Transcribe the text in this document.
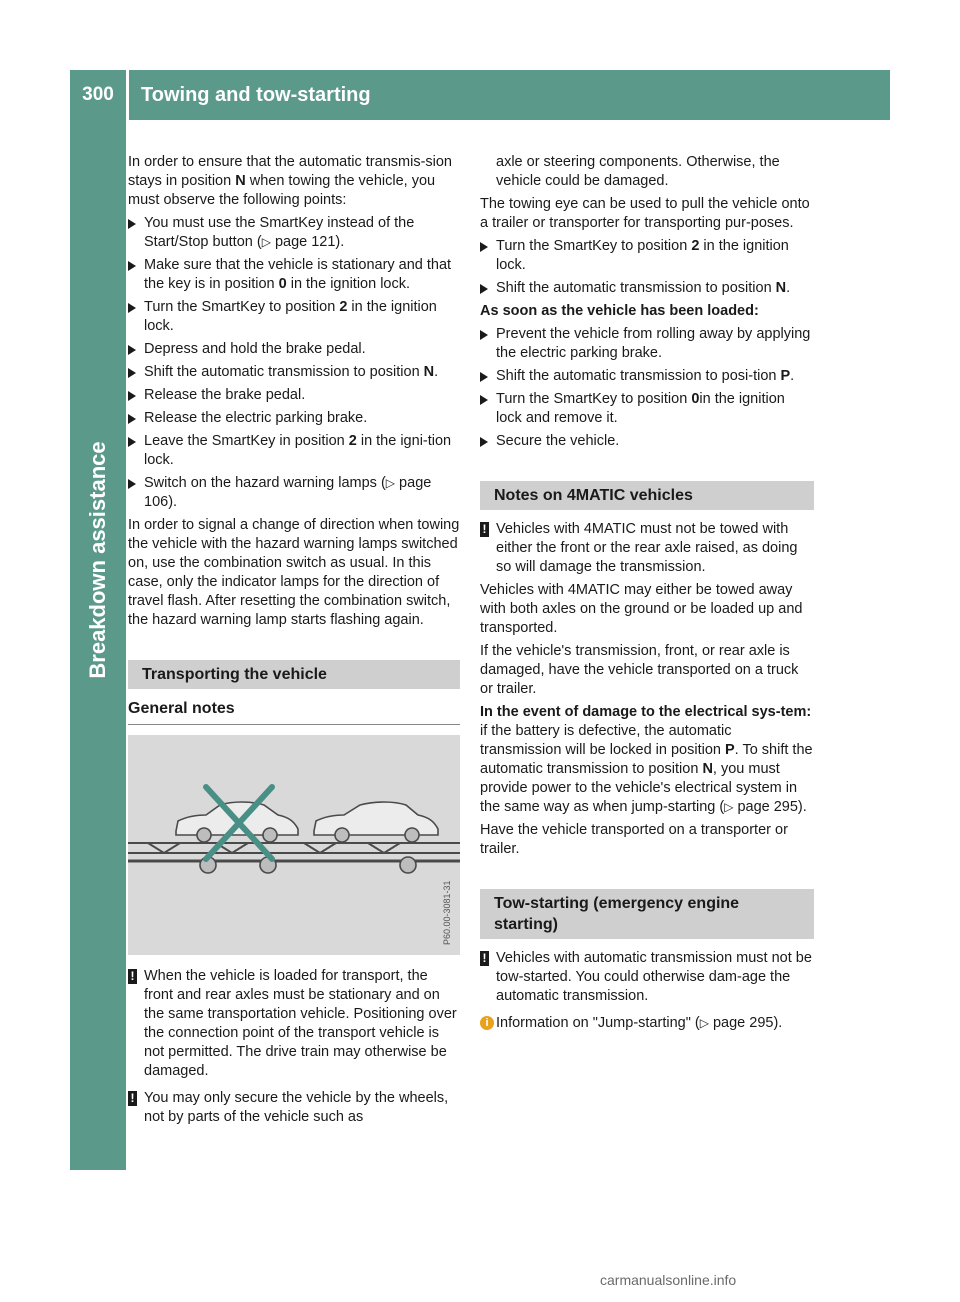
300	Towing and tow-starting
Breakdown assistance

In order to ensure that the automatic transmis-sion stays in position N when towing the vehicle, you must observe the following points:

You must use the SmartKey instead of the Start/Stop button (▷ page 121).
Make sure that the vehicle is stationary and that the key is in position 0 in the ignition lock.
Turn the SmartKey to position 2 in the ignition lock.
Depress and hold the brake pedal.
Shift the automatic transmission to position N.
Release the brake pedal.
Release the electric parking brake.
Leave the SmartKey in position 2 in the igni-tion lock.
Switch on the hazard warning lamps (▷ page 106).

In order to signal a change of direction when towing the vehicle with the hazard warning lamps switched on, use the combination switch as usual. In this case, only the indicator lamps for the direction of travel flash. After resetting the combination switch, the hazard warning lamp starts flashing again.

Transporting the vehicle
General notes
P60.00-3081-31
! When the vehicle is loaded for transport, the front and rear axles must be stationary and on the same transportation vehicle. Positioning over the connection point of the transport vehicle is not permitted. The drive train may otherwise be damaged.
! You may only secure the vehicle by the wheels, not by parts of the vehicle such as

axle or steering components. Otherwise, the vehicle could be damaged.

The towing eye can be used to pull the vehicle onto a trailer or transporter for transporting pur-poses.

Turn the SmartKey to position 2 in the ignition lock.
Shift the automatic transmission to position N.

As soon as the vehicle has been loaded:

Prevent the vehicle from rolling away by applying the electric parking brake.
Shift the automatic transmission to posi-tion P.
Turn the SmartKey to position 0in the ignition lock and remove it.
Secure the vehicle.
Notes on 4MATIC vehicles
! Vehicles with 4MATIC must not be towed with either the front or the rear axle raised, as doing so will damage the transmission.

Vehicles with 4MATIC may either be towed away with both axles on the ground or be loaded up and transported.

If the vehicle's transmission, front, or rear axle is damaged, have the vehicle transported on a truck or trailer.

In the event of damage to the electrical sys-tem: if the battery is defective, the automatic transmission will be locked in position P. To shift the automatic transmission to position N, you must provide power to the vehicle's electrical system in the same way as when jump-starting (▷ page 295).

Have the vehicle transported on a transporter or trailer.

Tow-starting (emergency engine starting)
! Vehicles with automatic transmission must not be tow-started. You could otherwise dam-age the automatic transmission.
i Information on "Jump-starting" (▷ page 295).
carmanualsonline.info
